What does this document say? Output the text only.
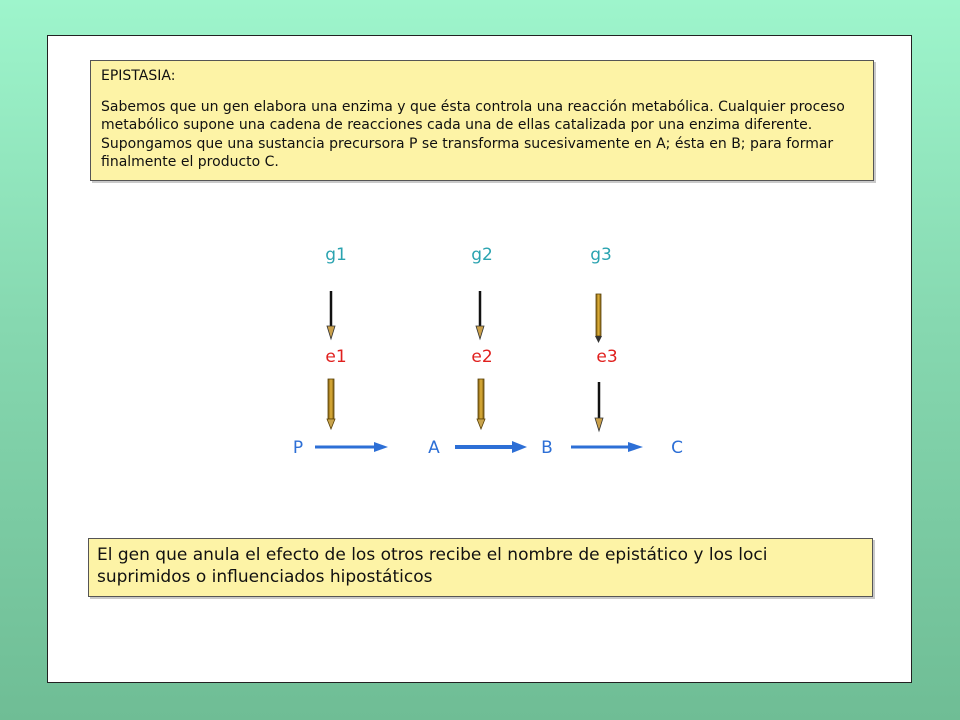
EPISTASIA:
Sabemos que un gen elabora una enzima y que ésta controla una reacción metabólica. Cualquier proceso metabólico supone una cadena de reacciones cada una de ellas catalizada por una enzima diferente. Supongamos que una sustancia precursora P se transforma sucesivamente en A; ésta en B; para formar finalmente el producto C.
g1	g2	g3
e1	e2	e3
P	A	B	C
El gen que anula el efecto de los otros recibe el nombre de epistático y los loci suprimidos o influenciados hipostáticos
